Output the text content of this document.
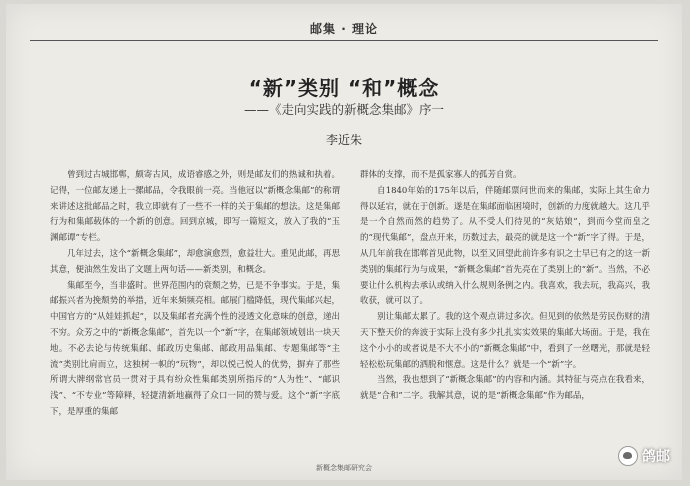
邮集 · 理论
“新”类别 “和”概念
——《走向实践的新概念集邮》序一
李近朱

曾到过古城邯郸，颇寄古风，成语睿感之外，则是邮友们的热诚和执着。记得，一位邮友递上一摞邮品，令我眼前一亮。当他冠以“新概念集邮”的称谓来讲述这批邮品之时，我立即就有了一些不一样的关于集邮的想法。这是集邮行为和集邮载体的一个新的创意。回到京城，即写一篇短文，放入了我的“玉渊邮谭”专栏。

几年过去，这个“新概念集邮”，却愈演愈烈，愈益壮大。重见此邮，再思其意，便油然生发出了文题上两句话——新类别，和概念。

集邮至今，当非盛时。世界范围内的衰颓之势，已是不争事实。于是，集邮振兴者为挽颓势的举措，近年来频频亮相。邮展门槛降低，现代集邮兴起，中国官方的“从娃娃抓起”，以及集邮者充满个性的浸透文化意味的创意，递出不穷。众芳之中的“新概念集邮”，首先以一个“新”字，在集邮领域划出一块天地。不必去论与传统集邮、邮政历史集邮、邮政用品集邮、专题集邮等“主流”类别比肩而立，这独树一帜的“玩物”，却以悦己悦人的优势，摒弃了那些所谓大牌纲常官员一贯对于具有纷众性集邮类别所指斥的“人为性”、“邮识浅”、“不专业”等障释，轻捷清新地赢得了众口一同的赞与爱。这个“新”字底下，是厚重的集邮

群体的支撑，而不是孤家寡人的孤芳自赏。

自1840年始的175年以后，伴随邮票问世而来的集邮，实际上其生命力得以延宕，就在于创新。遂是在集邮面临困境时，创新的力度就越大。这几乎是一个自然而然的趋势了。从不受人们待见的“灰姑娘”，到而今堂而皇之的“现代集邮”，盘点开来，历数过去，最亮的就是这一个“新”字了得。于是，从几年前我在邯郸首见此物，以至又回望此前许多有识之士早已有之的这一新类别的集邮行为与成果，“新概念集邮”首先亮在了类别上的“新”。当然，不必要让什么机构去承认或纳入什么规则条例之内。我喜欢，我去玩，我高兴，我收获，就可以了。

别让集邮太累了。我的这个观点讲过多次。但见到的依然是劳民伤财的清天下整天价的奔波于实际上没有多少扎扎实实效果的集邮大场面。于是，我在这个小小的或者说是不大不小的“新概念集邮”中，看到了一丝曙光，那就是轻轻松松玩集邮的洒脱和惬意。这是什么？就是一个“新”字。

当然，我也想到了“新概念集邮”的内容和内涵。其特征与亮点在我看来，就是“合和”二字。我解其意，说的是“新概念集邮”作为邮品，

新概念集邮研究会
鸽邮
